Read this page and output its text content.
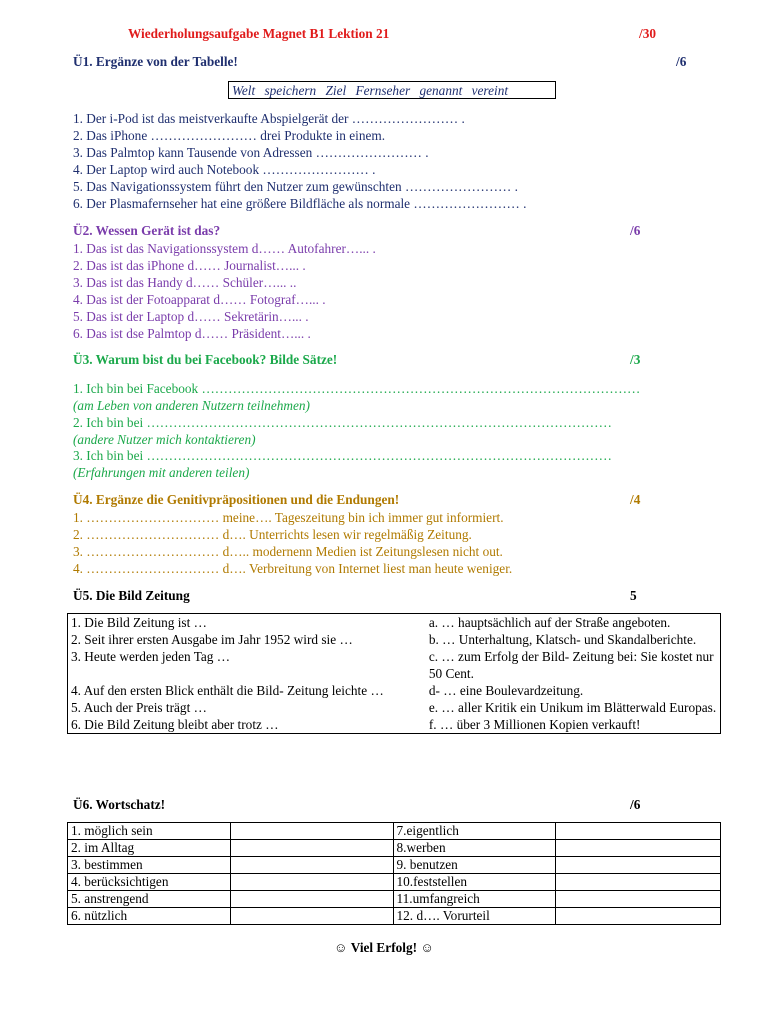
Wiederholungsaufgabe Magnet B1 Lektion 21	/30
Ü1. Ergänze von der Tabelle!	/6
Welt speichern Ziel Fernseher genannt vereint
1. Der i-Pod ist das meistverkaufte Abspielgerät der …………………… .
2. Das iPhone …………………… drei Produkte in einem.
3. Das Palmtop kann Tausende von Adressen …………………… .
4. Der Laptop wird auch Notebook …………………… .
5. Das Navigationssystem führt den Nutzer zum gewünschten …………………… .
6. Der Plasmafernseher hat eine größere Bildfläche als normale …………………… .
Ü2. Wessen Gerät ist das?	/6
1. Das ist das Navigationssystem d…… Autofahrer…... .
2. Das ist das iPhone d…… Journalist…... .
3. Das ist das Handy d…… Schüler…... ..
4. Das ist der Fotoapparat d…… Fotograf…... .
5. Das ist der Laptop d…… Sekretärin…... .
6. Das ist dse Palmtop d…… Präsident…... .
Ü3. Warum bist du bei Facebook? Bilde Sätze!	/3
1. Ich bin bei Facebook ………………………………………………………………………………………
(am Leben von anderen Nutzern teilnehmen)
2. Ich bin bei ……………………………………………………………………………………………
(andere Nutzer mich kontaktieren)
3. Ich bin bei ……………………………………………………………………………………………
(Erfahrungen mit anderen teilen)
Ü4. Ergänze die Genitivpräpositionen und die Endungen!	/4
1. ………………………… meine…. Tageszeitung bin ich immer gut informiert.
2. ………………………… d…. Unterrichts lesen wir regelmäßig Zeitung.
3. ………………………… d….. modernenn Medien ist Zeitungslesen nicht out.
4. ………………………… d…. Verbreitung von Internet liest man heute weniger.
Ü5. Die Bild Zeitung	5
1. Die Bild Zeitung ist …	a. … hauptsächlich auf der Straße angeboten.
2. Seit ihrer ersten Ausgabe im Jahr 1952 wird sie …	b. … Unterhaltung, Klatsch- und Skandalberichte.
3. Heute werden jeden Tag …	c. … zum Erfolg der Bild- Zeitung bei: Sie kostet nur 50 Cent.
4. Auf den ersten Blick enthält die Bild- Zeitung leichte …	d- … eine Boulevardzeitung.
5. Auch der Preis trägt …	e. … aller Kritik ein Unikum im Blätterwald Europas.
6. Die Bild Zeitung bleibt aber trotz …	f. … über 3 Millionen Kopien verkauft!
Ü6. Wortschatz!	/6
1. möglich sein		7.eigentlich	
2. im Alltag		8.werben	
3. bestimmen		9. benutzen	
4. berücksichtigen		10.feststellen	
5. anstrengend		11.umfangreich	
6. nützlich		12. d…. Vorurteil	
☺ Viel Erfolg! ☺
